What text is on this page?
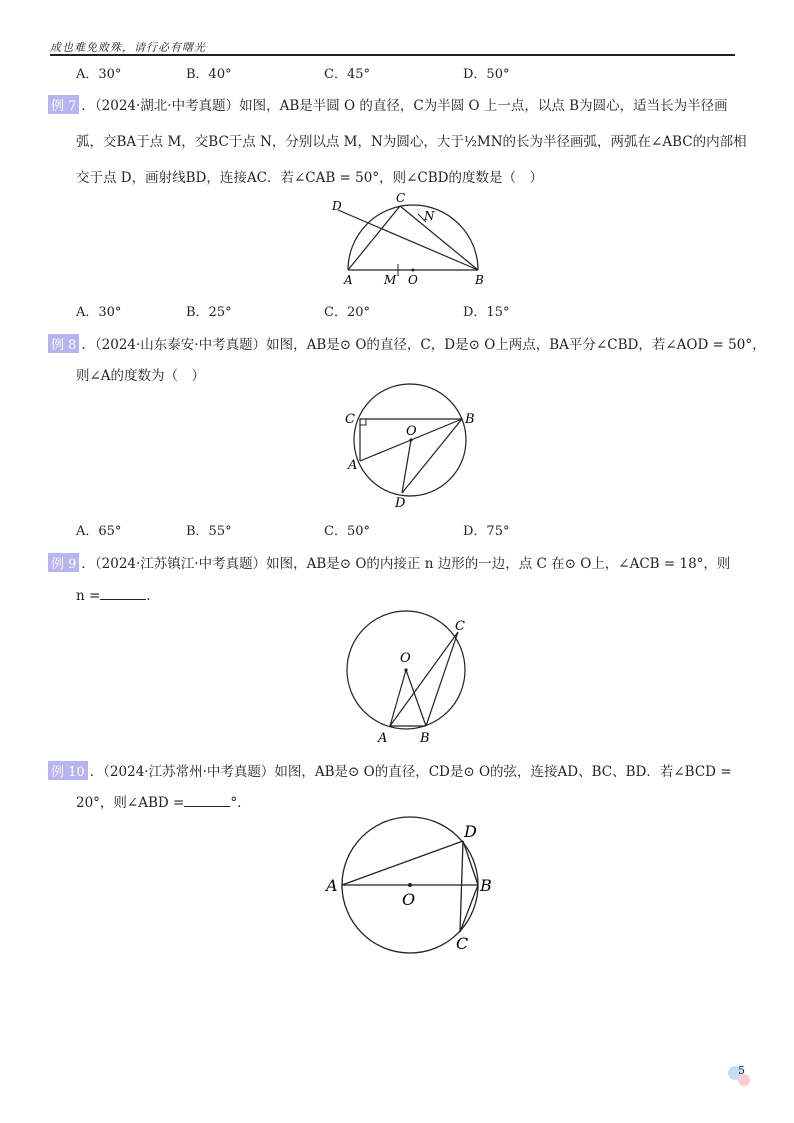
成也难免败殊，请行必有曙光
A．30°	B．40°	C．45°	D．50°
例 7 ．（2024·湖北·中考真题）如图，AB是半圆 O 的直径，C为半圆 O 上一点，以点 B为圆心，适当长为半径画
弧，交BA于点 M，交BC于点 N，分别以点 M，N为圆心，大于½MN的长为半径画弧，两弧在∠ABC的内部相
交于点 D，画射线BD，连接AC．若∠CAB = 50°，则∠CBD的度数是（　）
D
C
N
A	M O	B
A．30°	B．25°	C．20°	D．15°
例 8 ．（2024·山东泰安·中考真题）如图，AB是⊙ O的直径，C，D是⊙ O上两点，BA平分∠CBD，若∠AOD = 50°，
则∠A的度数为（　）
C	B
O
A
D
A．65°	B．55°	C．50°	D．75°
例 9 ．（2024·江苏镇江·中考真题）如图，AB是⊙ O的内接正 n 边形的一边，点 C 在⊙ O上，∠ACB = 18°，则
n =	．
O
C
A	B
例 10 ．（2024·江苏常州·中考真题）如图，AB是⊙ O的直径，CD是⊙ O的弦，连接AD、BC、BD．若∠BCD =
20°，则∠ABD =	°．
A
O
B
D
C
5
